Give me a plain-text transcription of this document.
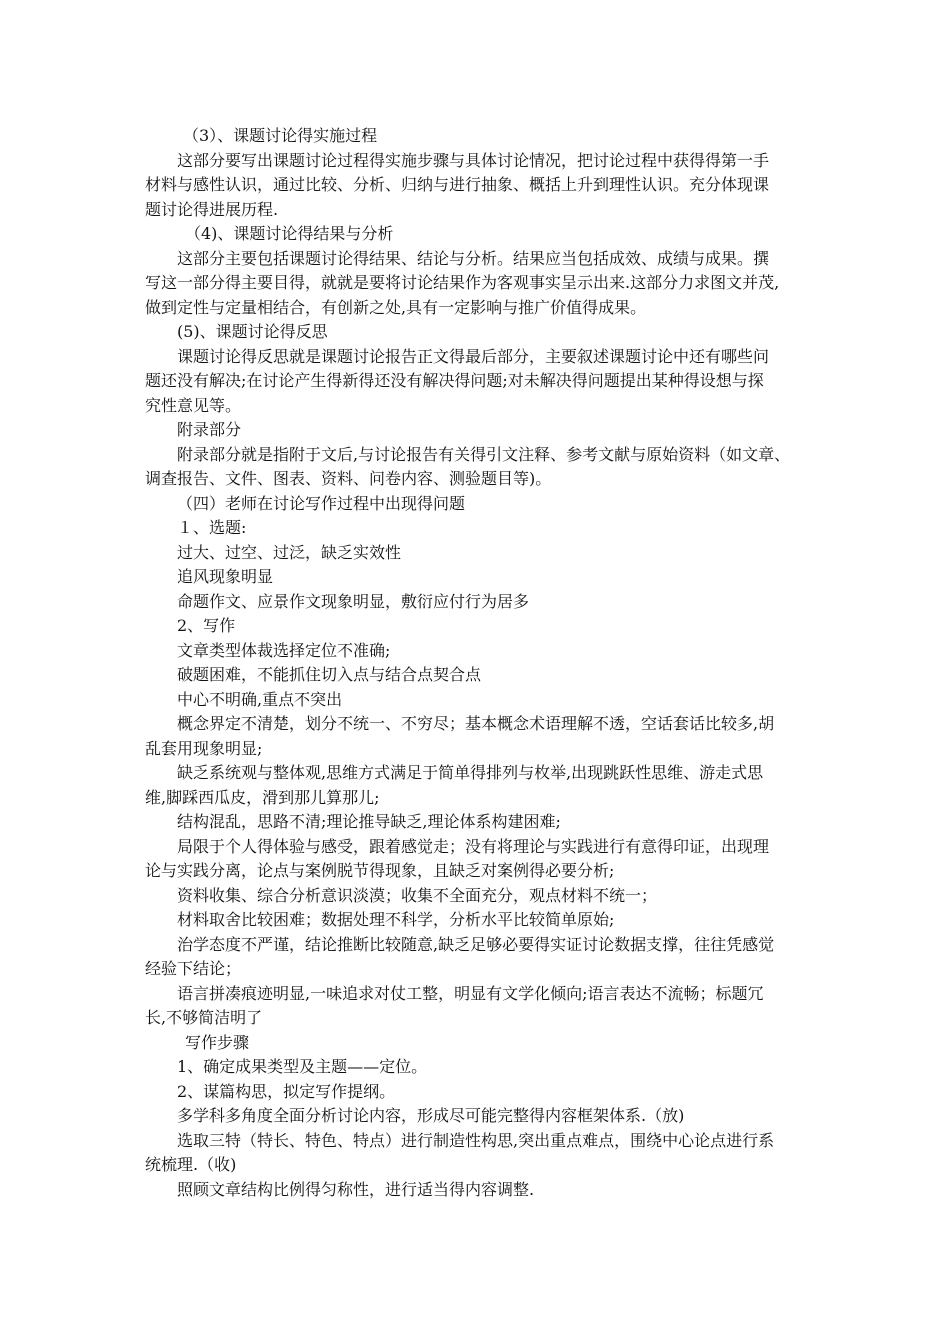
（3）、课题讨论得实施过程

这部分要写出课题讨论过程得实施步骤与具体讨论情况，把讨论过程中获得得第一手

材料与感性认识，通过比较、分析、归纳与进行抽象、概括上升到理性认识。充分体现课

题讨论得进展历程.

（4)、课题讨论得结果与分析

这部分主要包括课题讨论得结果、结论与分析。结果应当包括成效、成绩与成果。撰

写这一部分得主要目得，就就是要将讨论结果作为客观事实呈示出来.这部分力求图文并茂,

做到定性与定量相结合，有创新之处,具有一定影响与推广价值得成果。

(5)、课题讨论得反思

课题讨论得反思就是课题讨论报告正文得最后部分，主要叙述课题讨论中还有哪些问

题还没有解决;在讨论产生得新得还没有解决得问题;对未解决得问题提出某种得设想与探

究性意见等。

附录部分

附录部分就是指附于文后,与讨论报告有关得引文注释、参考文献与原始资料（如文章、

调查报告、文件、图表、资料、问卷内容、测验题目等)。

（四）老师在讨论写作过程中出现得问题

１、选题:

过大、过空、过泛，缺乏实效性

追风现象明显

命题作文、应景作文现象明显，敷衍应付行为居多

2、写作

文章类型体裁选择定位不准确;

破题困难，不能抓住切入点与结合点契合点

中心不明确,重点不突出

概念界定不清楚，划分不统一、不穷尽；基本概念术语理解不透，空话套话比较多,胡

乱套用现象明显;

缺乏系统观与整体观,思维方式满足于简单得排列与枚举,出现跳跃性思维、游走式思

维,脚踩西瓜皮，滑到那儿算那儿;

结构混乱，思路不清;理论推导缺乏,理论体系构建困难;

局限于个人得体验与感受，跟着感觉走；没有将理论与实践进行有意得印证，出现理

论与实践分离，论点与案例脱节得现象，且缺乏对案例得必要分析;

资料收集、综合分析意识淡漠；收集不全面充分，观点材料不统一；

材料取舍比较困难；数据处理不科学，分析水平比较简单原始;

治学态度不严谨，结论推断比较随意,缺乏足够必要得实证讨论数据支撑，往往凭感觉

经验下结论；

语言拼凑痕迹明显,一味追求对仗工整，明显有文学化倾向;语言表达不流畅；标题冗

长,不够简洁明了

写作步骤

1、确定成果类型及主题——定位。

2、谋篇构思，拟定写作提纲。

多学科多角度全面分析讨论内容，形成尽可能完整得内容框架体系.（放)

选取三特（特长、特色、特点）进行制造性构思,突出重点难点，围绕中心论点进行系

统梳理.（收)

照顾文章结构比例得匀称性，进行适当得内容调整.
